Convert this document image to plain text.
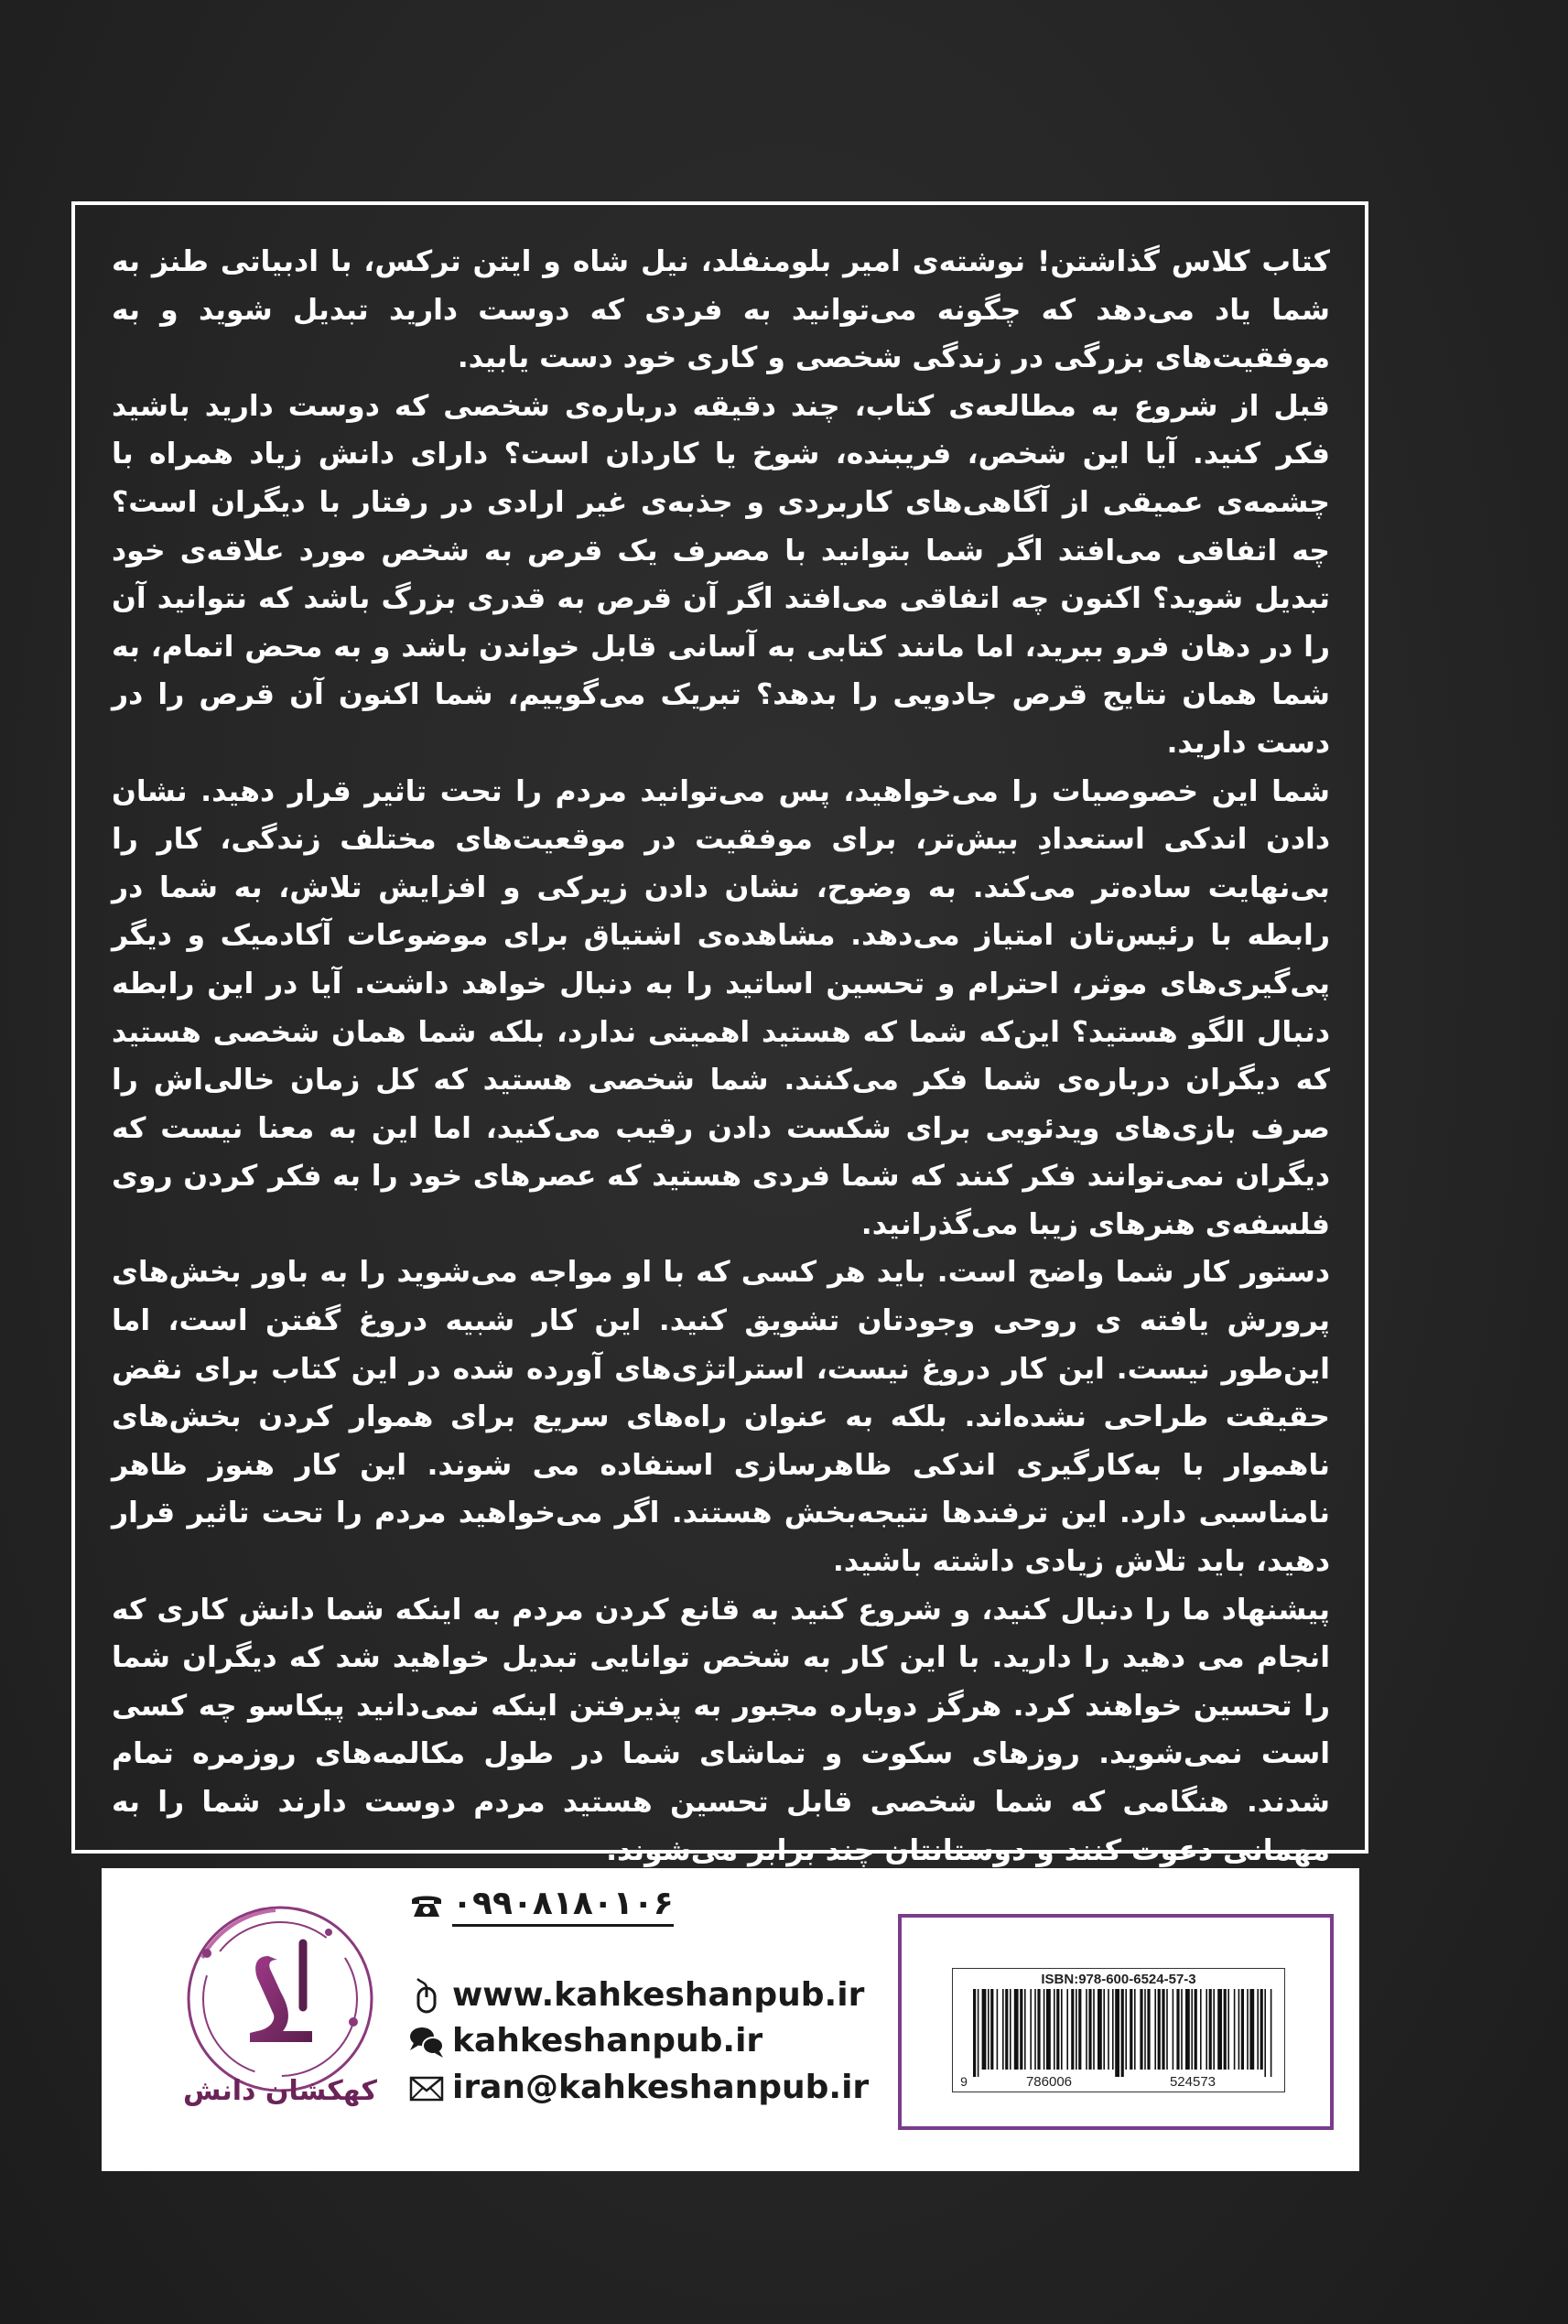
کتاب کلاس گذاشتن! نوشته‌ی امیر بلومنفلد، نیل شاه و ایتن ترکس، با ادبیاتی طنز به شما یاد می‌دهد که چگونه می‌توانید به فردی که دوست دارید تبدیل شوید و به موفقیت‌های بزرگی در زندگی شخصی و کاری خود دست یابید.

قبل از شروع به مطالعه‌ی کتاب، چند دقیقه درباره‌ی شخصی که دوست دارید باشید فکر کنید. آیا این شخص، فریبنده، شوخ یا کاردان است؟ دارای دانش زیاد همراه با چشمه‌ی عمیقی از آگاهی‌های کاربردی و جذبه‌ی غیر ارادی در رفتار با دیگران است؟ چه اتفاقی می‌افتد اگر شما بتوانید با مصرف یک قرص به شخص مورد علاقه‌ی خود تبدیل شوید؟ اکنون چه اتفاقی می‌افتد اگر آن قرص به قدری بزرگ باشد که نتوانید آن را در دهان فرو ببرید، اما مانند کتابی به آسانی قابل خواندن باشد و به محض اتمام، به شما همان نتایج قرص جادویی را بدهد؟ تبریک می‌گوییم، شما اکنون آن قرص را در دست دارید.

شما این خصوصیات را می‌خواهید، پس می‌توانید مردم را تحت تاثیر قرار دهید. نشان دادن اندکی استعدادِ بیش‌تر، برای موفقیت در موقعیت‌های مختلف زندگی، کار را بی‌نهایت ساده‌تر می‌کند. به وضوح، نشان دادن زیرکی و افزایش تلاش، به شما در رابطه با رئیس‌تان امتیاز می‌دهد. مشاهده‌ی اشتیاق برای موضوعات آکادمیک و دیگر پی‌گیری‌های موثر، احترام و تحسین اساتید را به دنبال خواهد داشت. آیا در این رابطه دنبال الگو هستید؟ این‌که شما که هستید اهمیتی ندارد، بلکه شما همان شخصی هستید که دیگران درباره‌ی شما فکر می‌کنند. شما شخصی هستید که کل زمان خالی‌اش را صرف بازی‌های ویدئویی برای شکست دادن رقیب می‌کنید، اما این به معنا نیست که دیگران نمی‌توانند فکر کنند که شما فردی هستید که عصرهای خود را به فکر کردن روی فلسفه‌ی هنرهای زیبا می‌گذرانید.

دستور کار شما واضح است. باید هر کسی که با او مواجه می‌شوید را به باور بخش‌های پرورش یافته ی روحی وجودتان تشویق کنید. این کار شبیه دروغ گفتن است، اما این‌طور نیست. این کار دروغ نیست، استراتژی‌های آورده شده در این کتاب برای نقض حقیقت طراحی نشده‌اند. بلکه به عنوان راه‌های سریع برای هموار کردن بخش‌های ناهموار با به‌کارگیری اندکی ظاهرسازی استفاده می شوند. این کار هنوز ظاهر نامناسبی دارد. این ترفندها نتیجه‌بخش هستند. اگر می‌خواهید مردم را تحت تاثیر قرار دهید، باید تلاش زیادی داشته باشید.

پیشنهاد ما را دنبال کنید، و شروع کنید به قانع کردن مردم به اینکه شما دانش کاری که انجام می دهید را دارید. با این کار به شخص توانایی تبدیل خواهید شد که دیگران شما را تحسین خواهند کرد. هرگز دوباره مجبور به پذیرفتن اینکه نمی‌دانید پیکاسو چه کسی است نمی‌شوید. روزهای سکوت و تماشای شما در طول مکالمه‌های روزمره تمام شدند. هنگامی که شما شخصی قابل تحسین هستید مردم دوست دارند شما را به مهمانی دعوت کنند و دوستانتان چند برابر می‌شوند.

کهکشان دانش
۰۹۹۰۸۱۸۰۱۰۶
www.kahkeshanpub.ir
kahkeshanpub.ir
iran@kahkeshanpub.ir
ISBN:978-600-6524-57-3
9	786006	524573
